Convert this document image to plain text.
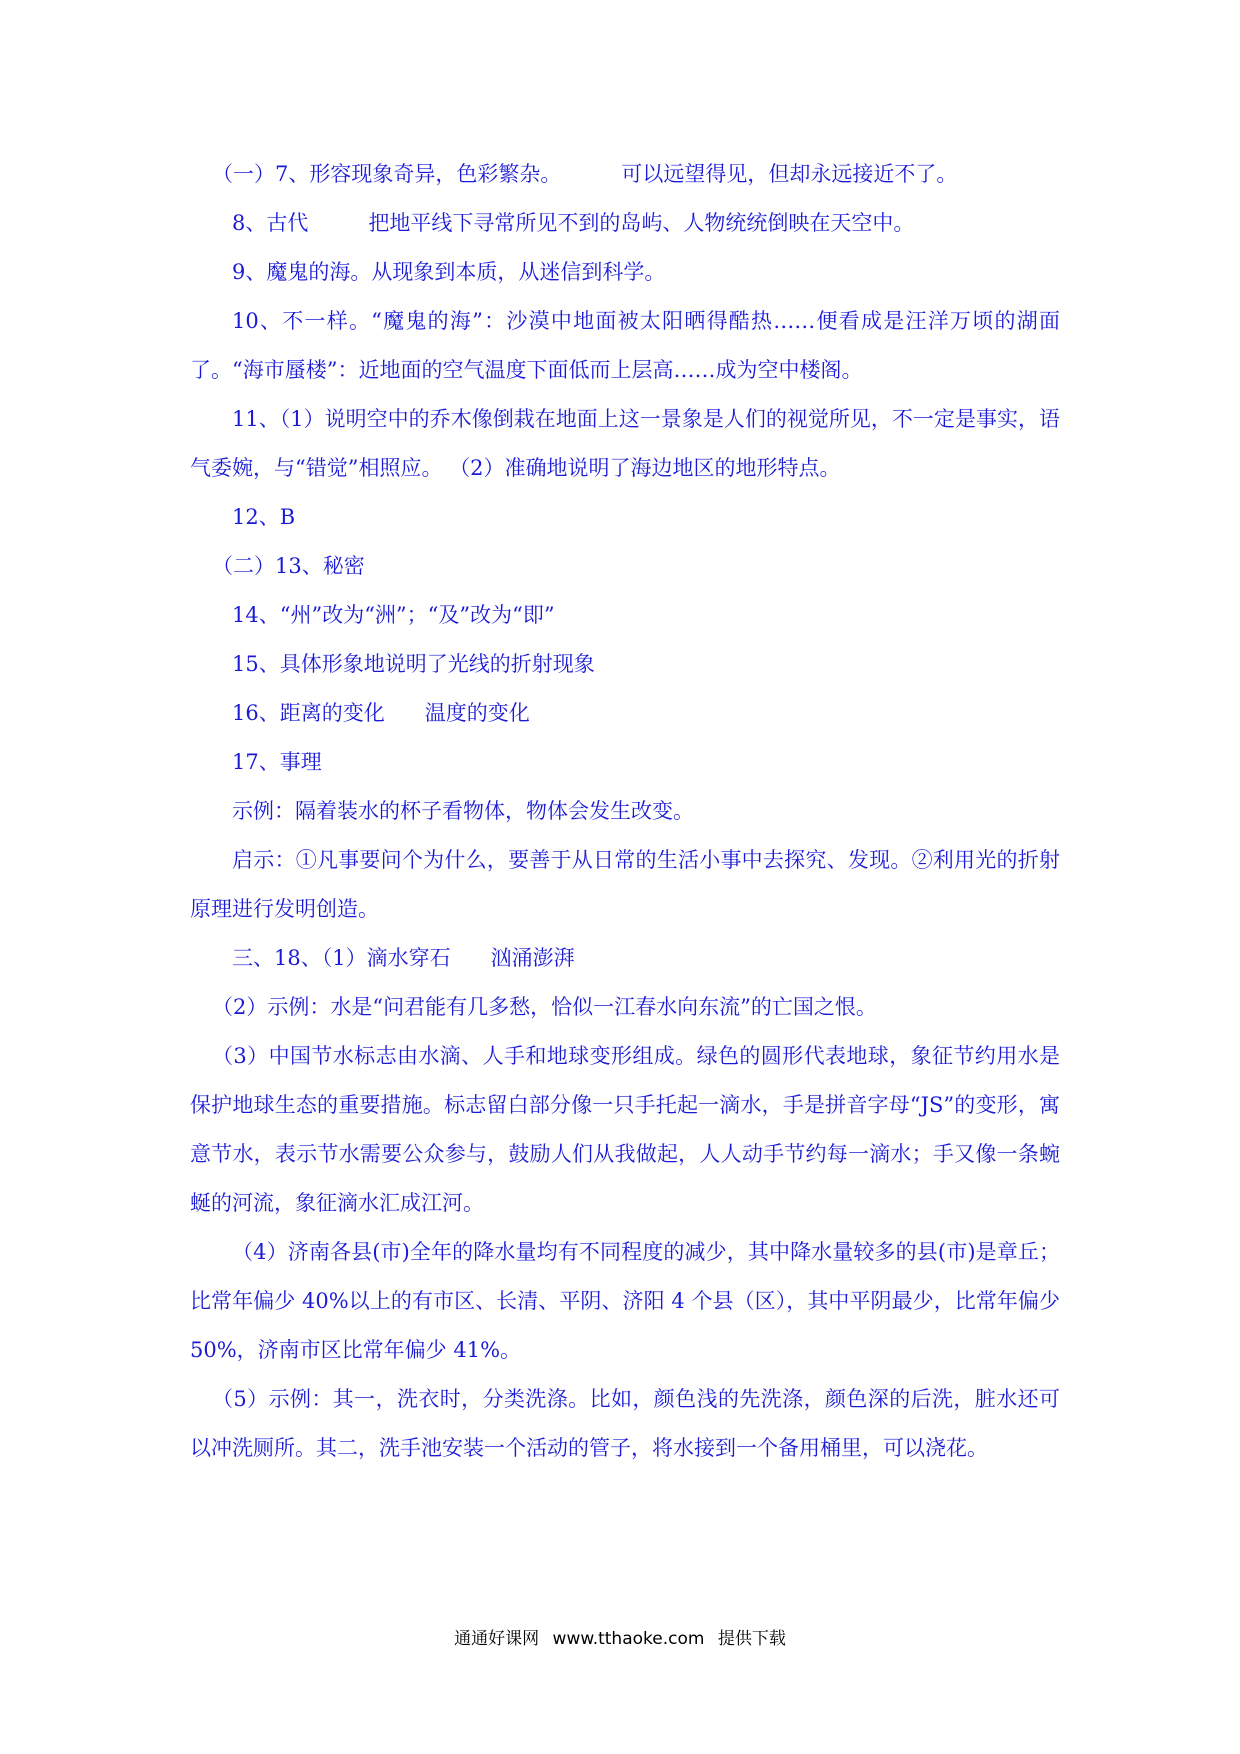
（一）7、形容现象奇异，色彩繁杂。	可以远望得见，但却永远接近不了。

8、古代	把地平线下寻常所见不到的岛屿、人物统统倒映在天空中。

9、魔鬼的海。从现象到本质，从迷信到科学。

10、不一样。“魔鬼的海”：沙漠中地面被太阳晒得酷热……便看成是汪洋万顷的湖面了。“海市蜃楼”：近地面的空气温度下面低而上层高……成为空中楼阁。

11、（1）说明空中的乔木像倒栽在地面上这一景象是人们的视觉所见，不一定是事实，语气委婉，与“错觉”相照应。 （2）准确地说明了海边地区的地形特点。

12、B

（二）13、秘密

14、“州”改为“洲”；“及”改为“即”

15、具体形象地说明了光线的折射现象

16、距离的变化 温度的变化

17、事理

示例：隔着装水的杯子看物体，物体会发生改变。

启示：①凡事要问个为什么，要善于从日常的生活小事中去探究、发现。②利用光的折射原理进行发明创造。

三、18、（1）滴水穿石 汹涌澎湃

（2）示例：水是“问君能有几多愁，恰似一江春水向东流”的亡国之恨。

（3）中国节水标志由水滴、人手和地球变形组成。绿色的圆形代表地球，象征节约用水是保护地球生态的重要措施。标志留白部分像一只手托起一滴水，手是拼音字母“JS”的变形，寓意节水，表示节水需要公众参与，鼓励人们从我做起，人人动手节约每一滴水；手又像一条蜿蜒的河流，象征滴水汇成江河。

（4）济南各县(市)全年的降水量均有不同程度的减少，其中降水量较多的县(市)是章丘；比常年偏少 40%以上的有市区、长清、平阴、济阳 4 个县（区），其中平阴最少，比常年偏少 50%，济南市区比常年偏少 41%。

（5）示例：其一，洗衣时，分类洗涤。比如，颜色浅的先洗涤，颜色深的后洗，脏水还可以冲洗厕所。其二，洗手池安装一个活动的管子，将水接到一个备用桶里，可以浇花。

通通好课网 www.tthaoke.com 提供下载
